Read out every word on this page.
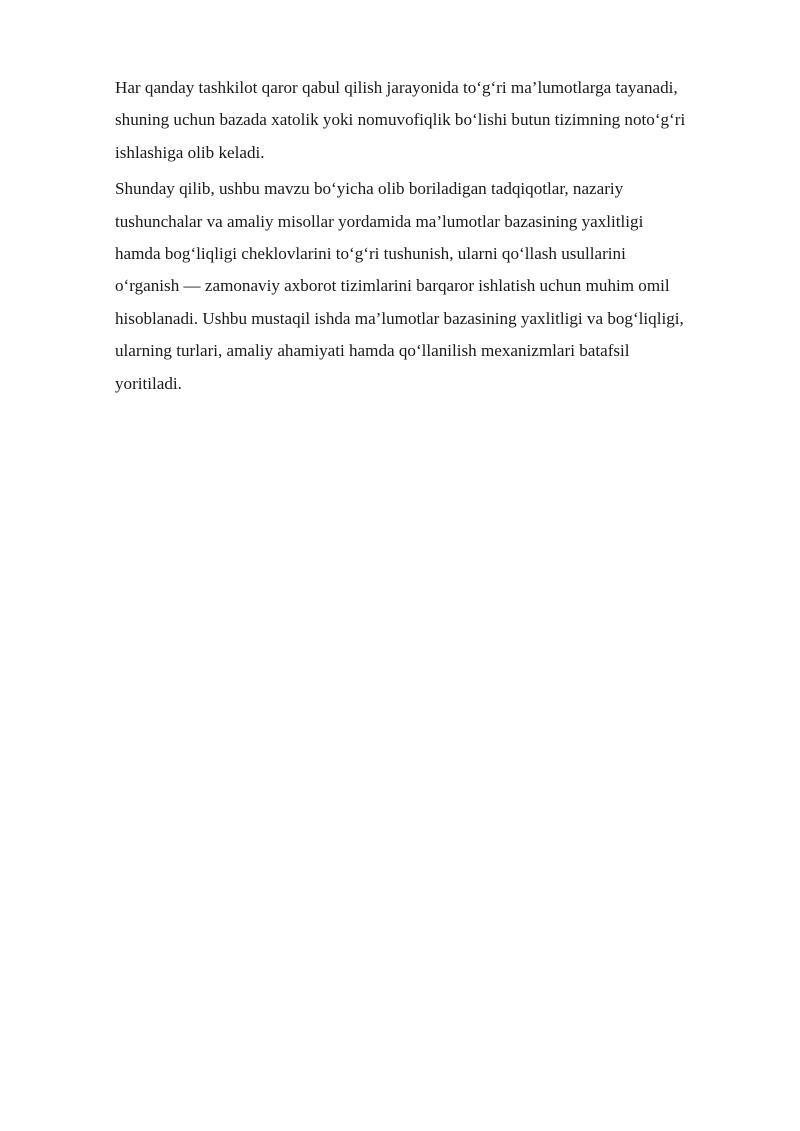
Har qanday tashkilot qaror qabul qilish jarayonida to‘g‘ri ma’lumotlarga tayanadi,
shuning uchun bazada xatolik yoki nomuvofiqlik bo‘lishi butun tizimning noto‘g‘ri
ishlashiga olib keladi.

Shunday qilib, ushbu mavzu bo‘yicha olib boriladigan tadqiqotlar, nazariy
tushunchalar va amaliy misollar yordamida ma’lumotlar bazasining yaxlitligi
hamda bog‘liqligi cheklovlarini to‘g‘ri tushunish, ularni qo‘llash usullarini
o‘rganish — zamonaviy axborot tizimlarini barqaror ishlatish uchun muhim omil
hisoblanadi. Ushbu mustaqil ishda ma’lumotlar bazasining yaxlitligi va bog‘liqligi,
ularning turlari, amaliy ahamiyati hamda qo‘llanilish mexanizmlari batafsil
yoritiladi.
